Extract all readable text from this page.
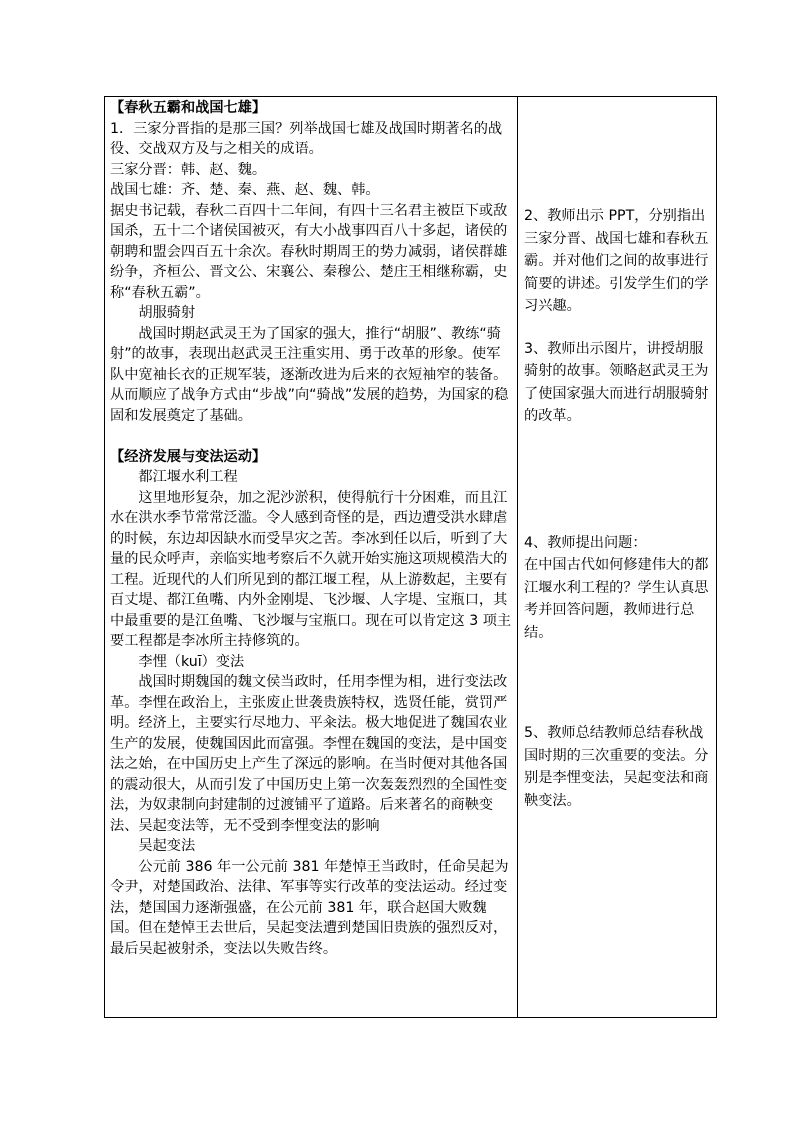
【春秋五霸和战国七雄】

1．三家分晋指的是那三国？列举战国七雄及战国时期著名的战役、交战双方及与之相关的成语。

三家分晋：韩、赵、魏。

战国七雄：齐、楚、秦、燕、赵、魏、韩。

据史书记载，春秋二百四十二年间，有四十三名君主被臣下或敌国杀，五十二个诸侯国被灭，有大小战事四百八十多起，诸侯的朝聘和盟会四百五十余次。春秋时期周王的势力减弱，诸侯群雄纷争，齐桓公、晋文公、宋襄公、秦穆公、楚庄王相继称霸，史称“春秋五霸”。

胡服骑射

战国时期赵武灵王为了国家的强大，推行“胡服”、教练“骑射”的故事，表现出赵武灵王注重实用、勇于改革的形象。使军队中宽袖长衣的正规军装，逐渐改进为后来的衣短袖窄的装备。从而顺应了战争方式由“步战”向“骑战”发展的趋势，为国家的稳固和发展奠定了基础。

【经济发展与变法运动】

都江堰水利工程

这里地形复杂，加之泥沙淤积，使得航行十分困难，而且江水在洪水季节常常泛滥。令人感到奇怪的是，西边遭受洪水肆虐的时候，东边却因缺水而受旱灾之苦。李冰到任以后，听到了大量的民众呼声，亲临实地考察后不久就开始实施这项规模浩大的工程。近现代的人们所见到的都江堰工程，从上游数起，主要有百丈堤、都江鱼嘴、内外金刚堤、飞沙堰、人字堤、宝瓶口，其中最重要的是江鱼嘴、飞沙堰与宝瓶口。现在可以肯定这 3 项主要工程都是李冰所主持修筑的。

李悝（kuī）变法

战国时期魏国的魏文侯当政时，任用李悝为相，进行变法改革。李悝在政治上，主张废止世袭贵族特权，选贤任能，赏罚严明。经济上，主要实行尽地力、平籴法。极大地促进了魏国农业生产的发展，使魏国因此而富强。李悝在魏国的变法，是中国变法之始，在中国历史上产生了深远的影响。在当时便对其他各国的震动很大，从而引发了中国历史上第一次轰轰烈烈的全国性变法，为奴隶制向封建制的过渡铺平了道路。后来著名的商鞅变法、吴起变法等，无不受到李悝变法的影响

吴起变法

公元前 386 年一公元前 381 年楚悼王当政时，任命吴起为令尹，对楚国政治、法律、军事等实行改革的变法运动。经过变法，楚国国力逐渐强盛，在公元前 381 年，联合赵国大败魏国。但在楚悼王去世后，吴起变法遭到楚国旧贵族的强烈反对，最后吴起被射杀，变法以失败告终。

2、教师出示 PPT，分别指出三家分晋、战国七雄和春秋五霸。并对他们之间的故事进行简要的讲述。引发学生们的学习兴趣。

3、教师出示图片，讲授胡服骑射的故事。领略赵武灵王为了使国家强大而进行胡服骑射的改革。

4、教师提出问题：

在中国古代如何修建伟大的都江堰水利工程的？学生认真思考并回答问题，教师进行总结。

5、教师总结教师总结春秋战国时期的三次重要的变法。分别是李悝变法，吴起变法和商鞅变法。
